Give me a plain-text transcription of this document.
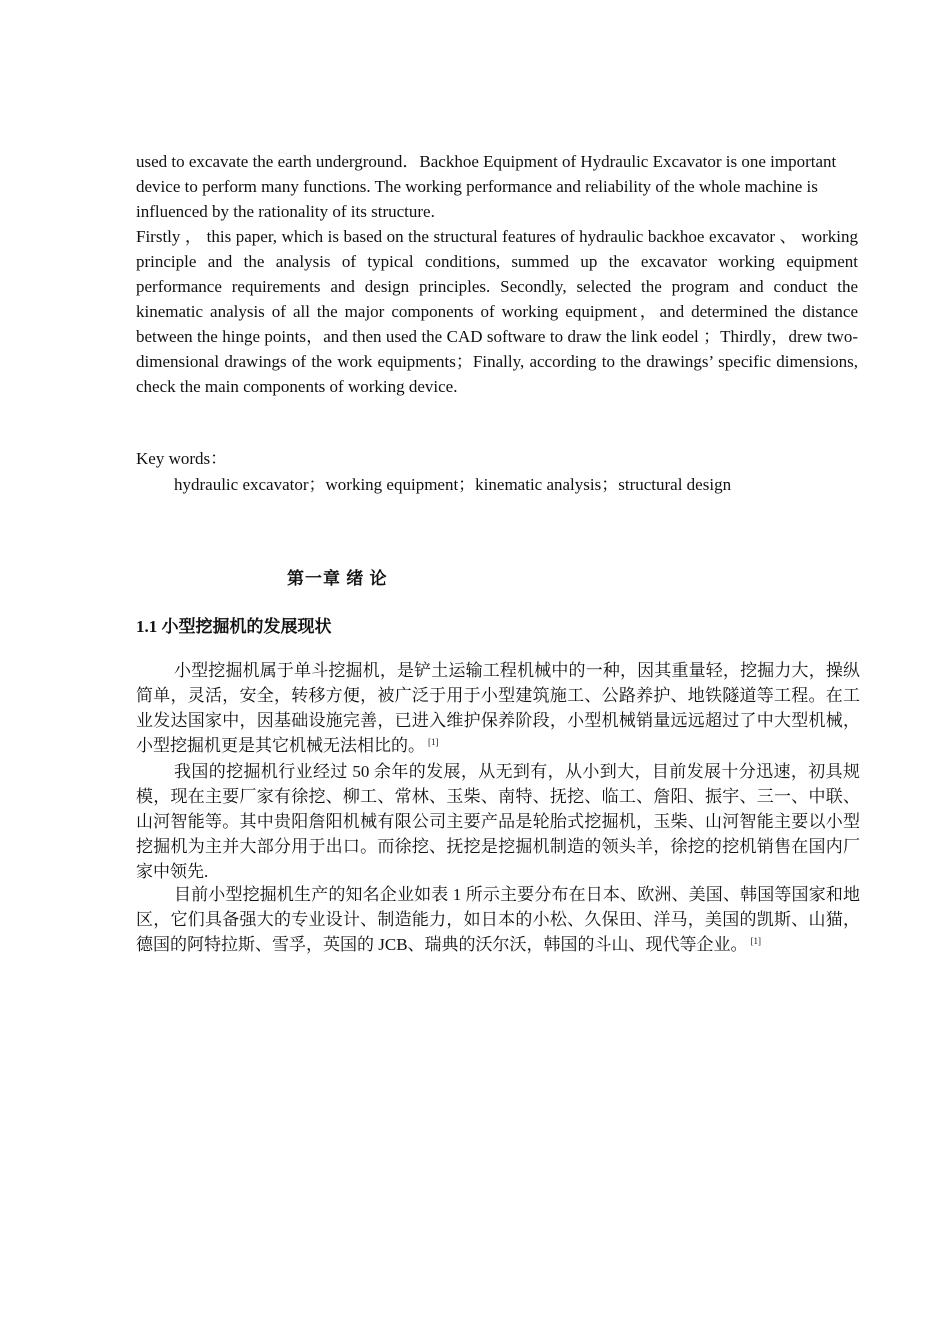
used to excavate the earth underground．Backhoe Equipment of Hydraulic Excavator is one important device to perform many functions. The working performance and reliability of the whole machine is influenced by the rationality of its structure.
Firstly ， this paper, which is based on the structural features of hydraulic backhoe excavator 、 working principle and the analysis of typical conditions, summed up the excavator working equipment performance requirements and design principles. Secondly, selected the program and conduct the kinematic analysis of all the major components of working equipment，and determined the distance between the hinge points，and then used the CAD software to draw the link eodel ；Thirdly，drew two-dimensional drawings of the work equipments；Finally, according to the drawings’ specific dimensions, check the main components of working device.
Key words：
hydraulic excavator；working equipment；kinematic analysis；structural design
第一章 绪 论
1.1 小型挖掘机的发展现状
小型挖掘机属于单斗挖掘机，是铲土运输工程机械中的一种，因其重量轻，挖掘力大，操纵简单，灵活，安全，转移方便，被广泛于用于小型建筑施工、公路养护、地铁隧道等工程。在工业发达国家中，因基础设施完善，已进入维护保养阶段，小型机械销量远远超过了中大型机械，小型挖掘机更是其它机械无法相比的。 [1]
我国的挖掘机行业经过 50 余年的发展，从无到有，从小到大，目前发展十分迅速，初具规模，现在主要厂家有徐挖、柳工、常林、玉柴、南特、抚挖、临工、詹阳、振宇、三一、中联、山河智能等。其中贵阳詹阳机械有限公司主要产品是轮胎式挖掘机，玉柴、山河智能主要以小型挖掘机为主并大部分用于出口。而徐挖、抚挖是挖掘机制造的领头羊，徐挖的挖机销售在国内厂家中领先.
目前小型挖掘机生产的知名企业如表 1 所示主要分布在日本、欧洲、美国、韩国等国家和地区，它们具备强大的专业设计、制造能力，如日本的小松、久保田、洋马，美国的凯斯、山猫，德国的阿特拉斯、雪孚，英国的 JCB、瑞典的沃尔沃，韩国的斗山、现代等企业。 [1]
